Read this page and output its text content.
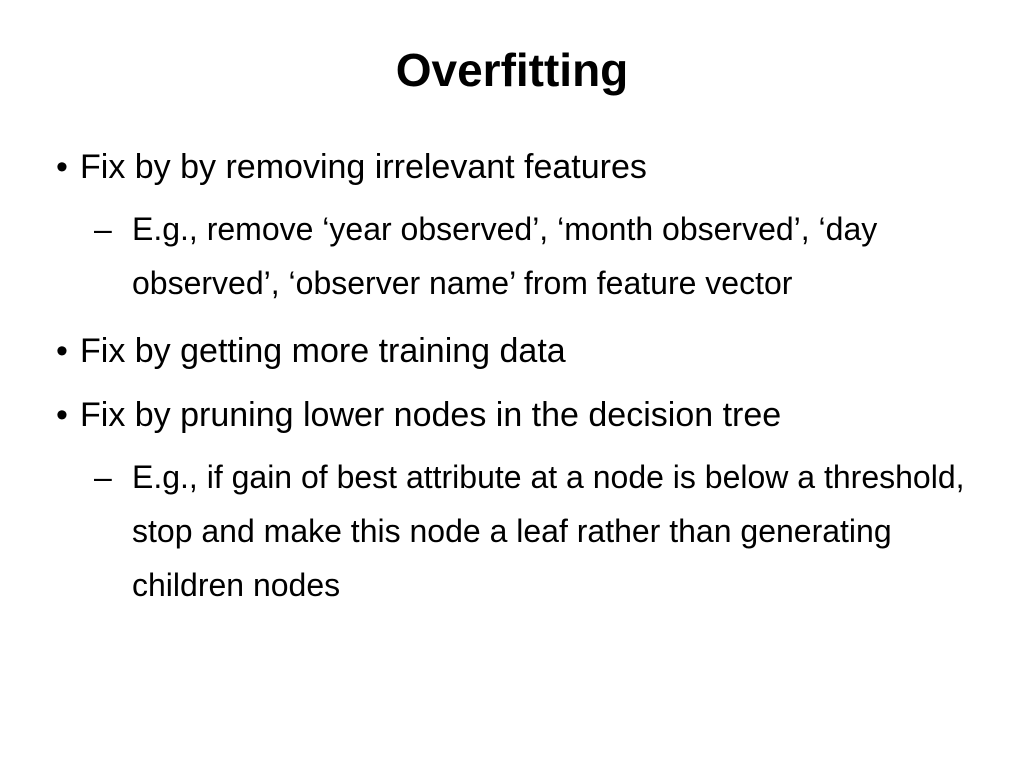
Overfitting
• Fix by by removing irrelevant features
– E.g., remove ‘year observed’, ‘month observed’, ‘day observed’, ‘observer name’ from feature vector
• Fix by getting more training data
• Fix by pruning lower nodes in the decision tree
– E.g., if gain of best attribute at a node is below a threshold, stop and make this node a leaf rather than generating children nodes
